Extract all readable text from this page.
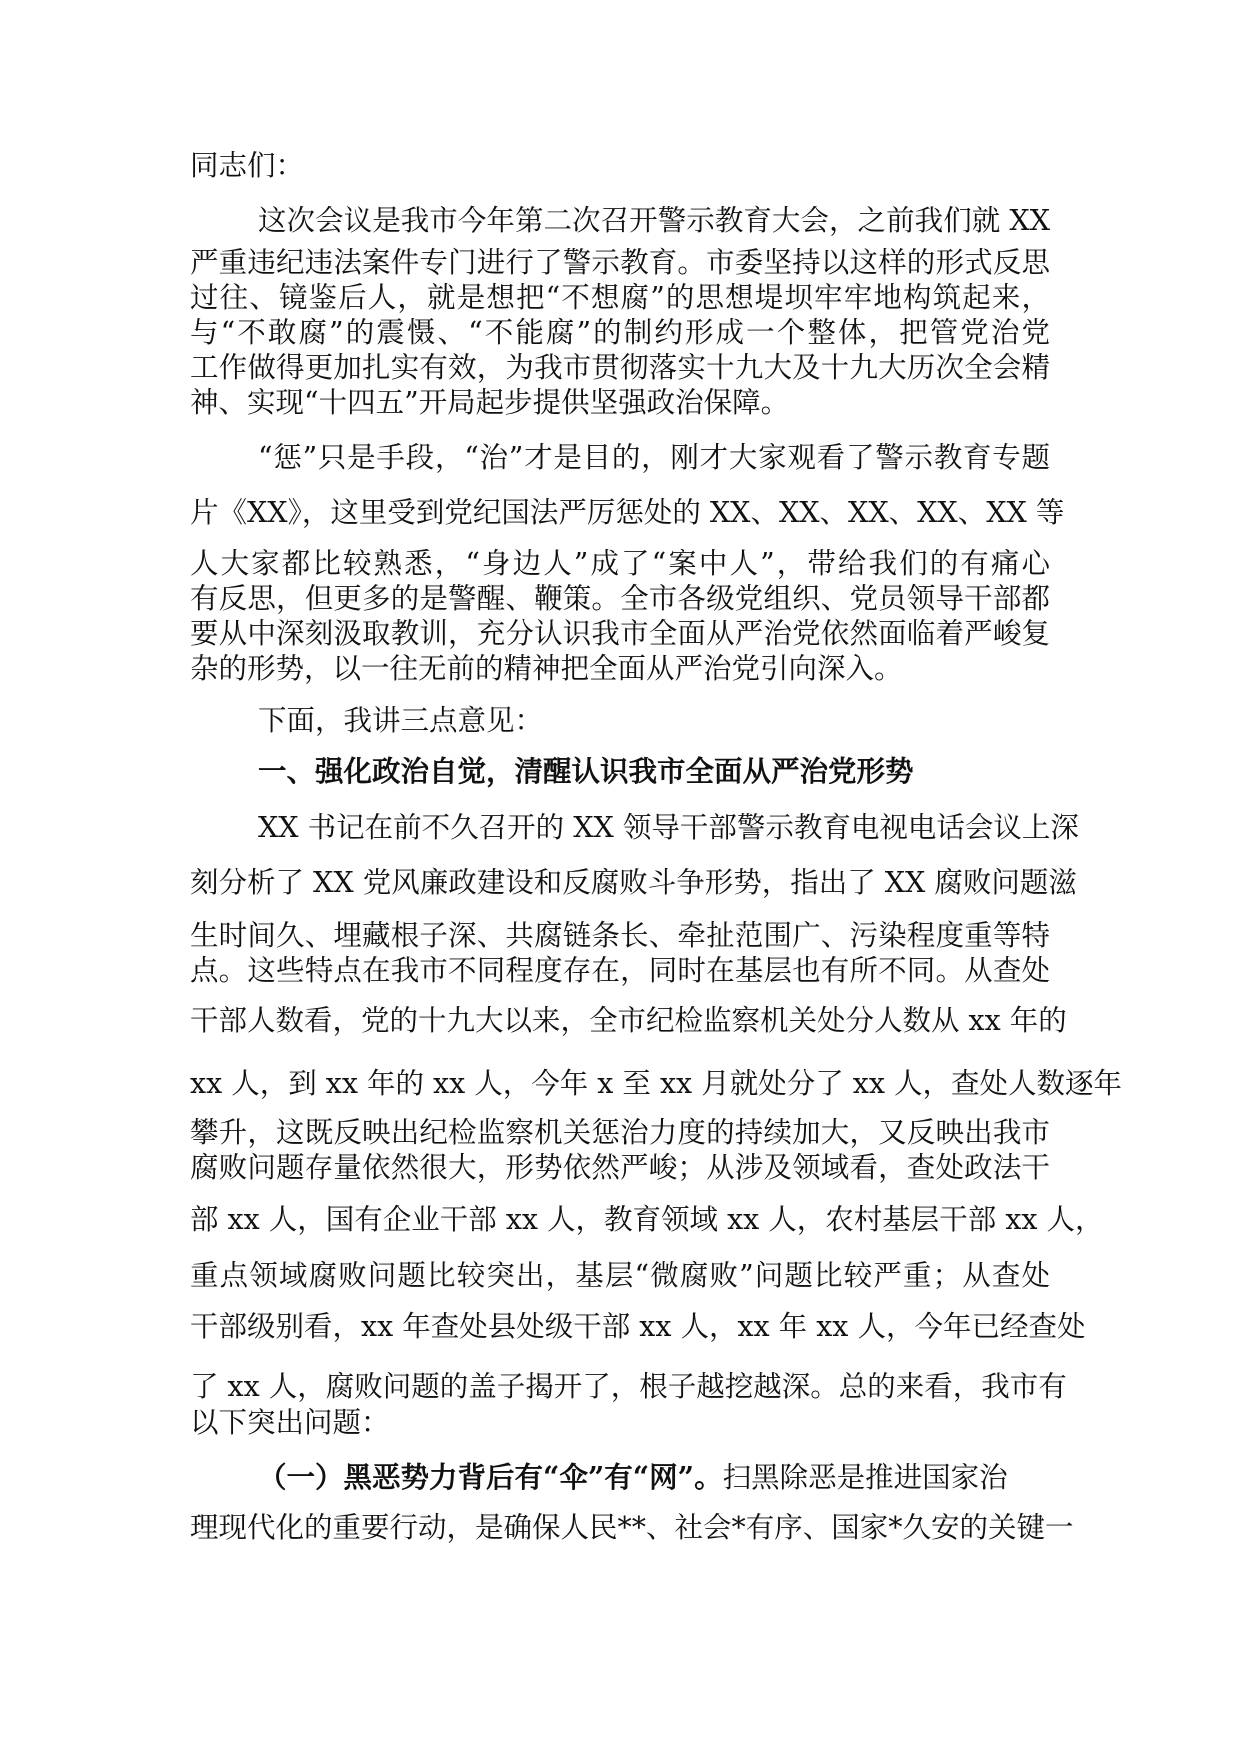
同志们：
这次会议是我市今年第二次召开警示教育大会，之前我们就 XX
严重违纪违法案件专门进行了警示教育。市委坚持以这样的形式反思
过往、镜鉴后人，就是想把“不想腐”的思想堤坝牢牢地构筑起来，
与“不敢腐”的震慑、“不能腐”的制约形成一个整体，把管党治党
工作做得更加扎实有效，为我市贯彻落实十九大及十九大历次全会精
神、实现“十四五”开局起步提供坚强政治保障。
“惩”只是手段，“治”才是目的，刚才大家观看了警示教育专题
片《XX》，这里受到党纪国法严厉惩处的 XX、XX、XX、XX、XX 等
人大家都比较熟悉，“身边人”成了“案中人”，带给我们的有痛心
有反思，但更多的是警醒、鞭策。全市各级党组织、党员领导干部都
要从中深刻汲取教训，充分认识我市全面从严治党依然面临着严峻复
杂的形势，以一往无前的精神把全面从严治党引向深入。
下面，我讲三点意见：
一、强化政治自觉，清醒认识我市全面从严治党形势
XX 书记在前不久召开的 XX 领导干部警示教育电视电话会议上深
刻分析了 XX 党风廉政建设和反腐败斗争形势，指出了 XX 腐败问题滋
生时间久、埋藏根子深、共腐链条长、牵扯范围广、污染程度重等特
点。这些特点在我市不同程度存在，同时在基层也有所不同。从查处
干部人数看，党的十九大以来，全市纪检监察机关处分人数从 xx 年的
xx 人，到 xx 年的 xx 人，今年 x 至 xx 月就处分了 xx 人，查处人数逐年
攀升，这既反映出纪检监察机关惩治力度的持续加大，又反映出我市
腐败问题存量依然很大，形势依然严峻；从涉及领域看，查处政法干
部 xx 人，国有企业干部 xx 人，教育领域 xx 人，农村基层干部 xx 人，
重点领域腐败问题比较突出，基层“微腐败”问题比较严重；从查处
干部级别看，xx 年查处县处级干部 xx 人，xx 年 xx 人，今年已经查处
了 xx 人，腐败问题的盖子揭开了，根子越挖越深。总的来看，我市有
以下突出问题：
（一）黑恶势力背后有“伞”有“网”。扫黑除恶是推进国家治
理现代化的重要行动，是确保人民**、社会*有序、国家*久安的关键一
